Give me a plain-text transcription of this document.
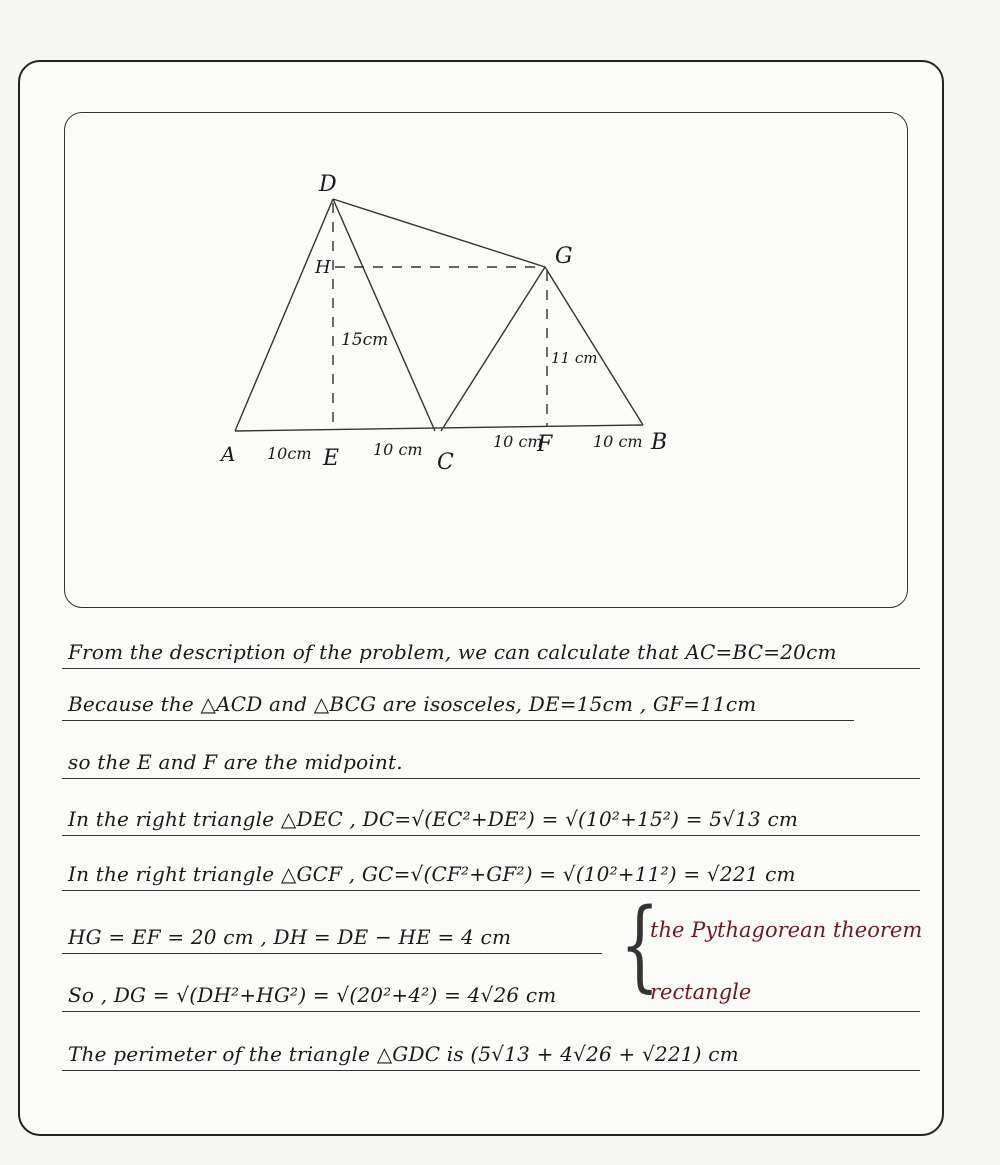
D
G
H
A	E	C
F	B
15cm
11 cm
10cm	10 cm	10 cm	10 cm
From the description of the problem, we can calculate that AC=BC=20cm
Because the △ACD and △BCG are isosceles, DE=15cm , GF=11cm
so the E and F are the midpoint.
In the right triangle △DEC , DC=√(EC²+DE²) = √(10²+15²) = 5√13 cm
In the right triangle △GCF , GC=√(CF²+GF²) = √(10²+11²) = √221 cm
HG = EF = 20 cm , DH = DE − HE = 4 cm
So , DG = √(DH²+HG²) = √(20²+4²) = 4√26 cm
The perimeter of the triangle △GDC is (5√13 + 4√26 + √221) cm
{
the Pythagorean theorem
rectangle
